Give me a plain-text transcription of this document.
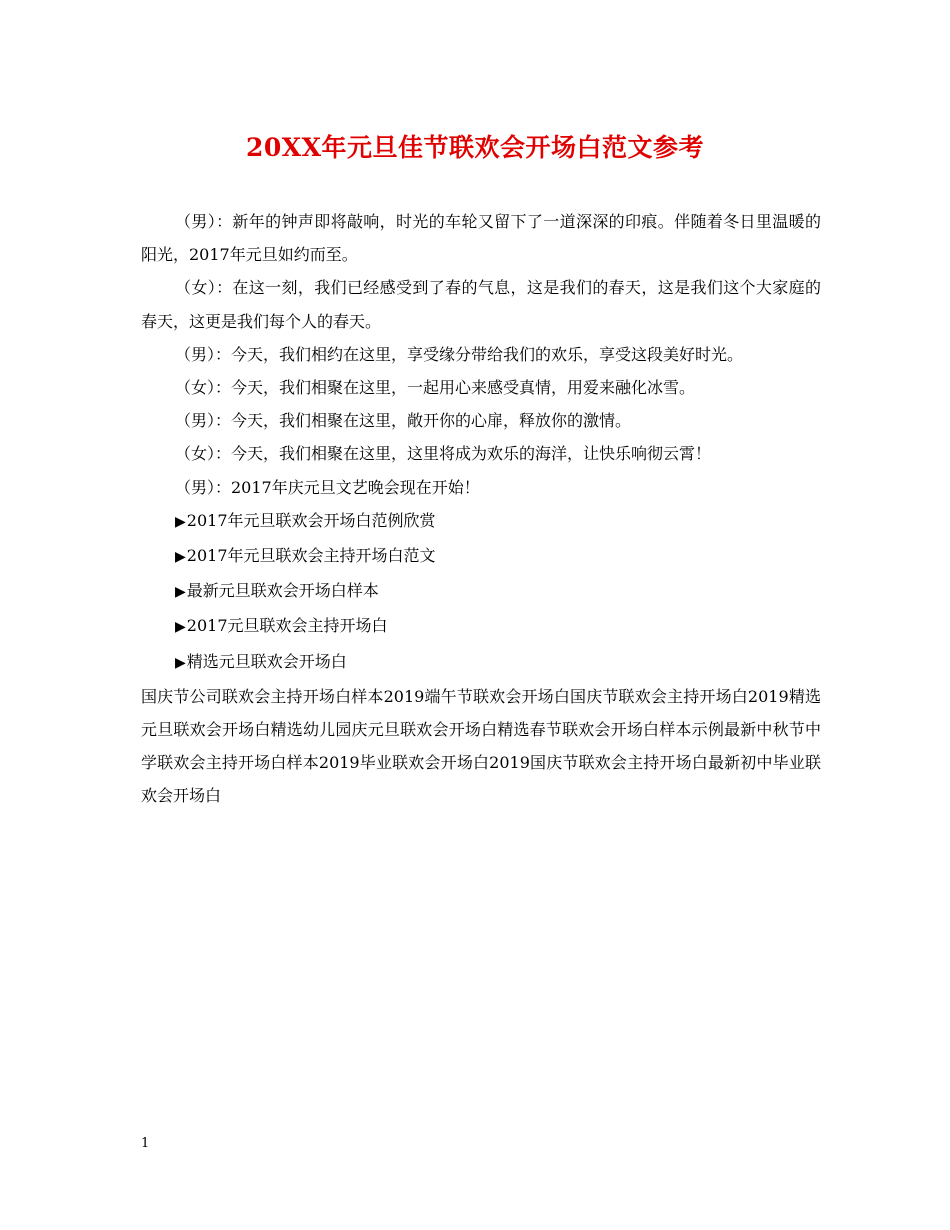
20XX年元旦佳节联欢会开场白范文参考

（男）：新年的钟声即将敲响，时光的车轮又留下了一道深深的印痕。伴随着冬日里温暖的阳光，2017年元旦如约而至。

（女）：在这一刻，我们已经感受到了春的气息，这是我们的春天，这是我们这个大家庭的春天，这更是我们每个人的春天。

（男）：今天，我们相约在这里，享受缘分带给我们的欢乐，享受这段美好时光。

（女）：今天，我们相聚在这里，一起用心来感受真情，用爱来融化冰雪。

（男）：今天，我们相聚在这里，敞开你的心扉，释放你的激情。

（女）：今天，我们相聚在这里，这里将成为欢乐的海洋，让快乐响彻云霄！

（男）：2017年庆元旦文艺晚会现在开始！

▶2017年元旦联欢会开场白范例欣赏
▶2017年元旦联欢会主持开场白范文
▶最新元旦联欢会开场白样本
▶2017元旦联欢会主持开场白
▶精选元旦联欢会开场白

国庆节公司联欢会主持开场白样本2019端午节联欢会开场白国庆节联欢会主持开场白2019精选元旦联欢会开场白精选幼儿园庆元旦联欢会开场白精选春节联欢会开场白样本示例最新中秋节中学联欢会主持开场白样本2019毕业联欢会开场白2019国庆节联欢会主持开场白最新初中毕业联欢会开场白

1
